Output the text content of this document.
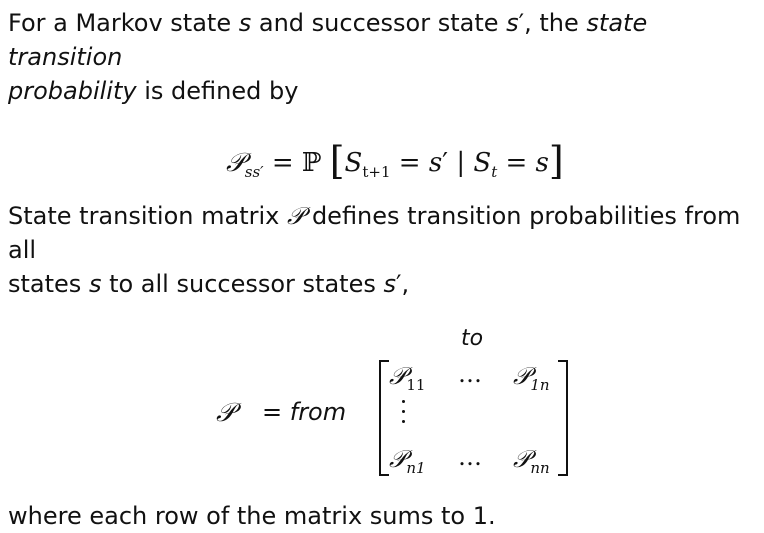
For a Markov state s and successor state s′, the state transition
probability is defined by
𝒫$_{ss'}$ = ℙ [$S_{t+1} = s'$ | $S_t = s$]
State transition matrix 𝒫 defines transition probabilities from all
states s to all successor states s′,
to
𝒫 = from
𝒫$_{11}$ … 𝒫$_{1n}$
𝒫$_{n1}$ … 𝒫$_{nn}$
where each row of the matrix sums to 1.
